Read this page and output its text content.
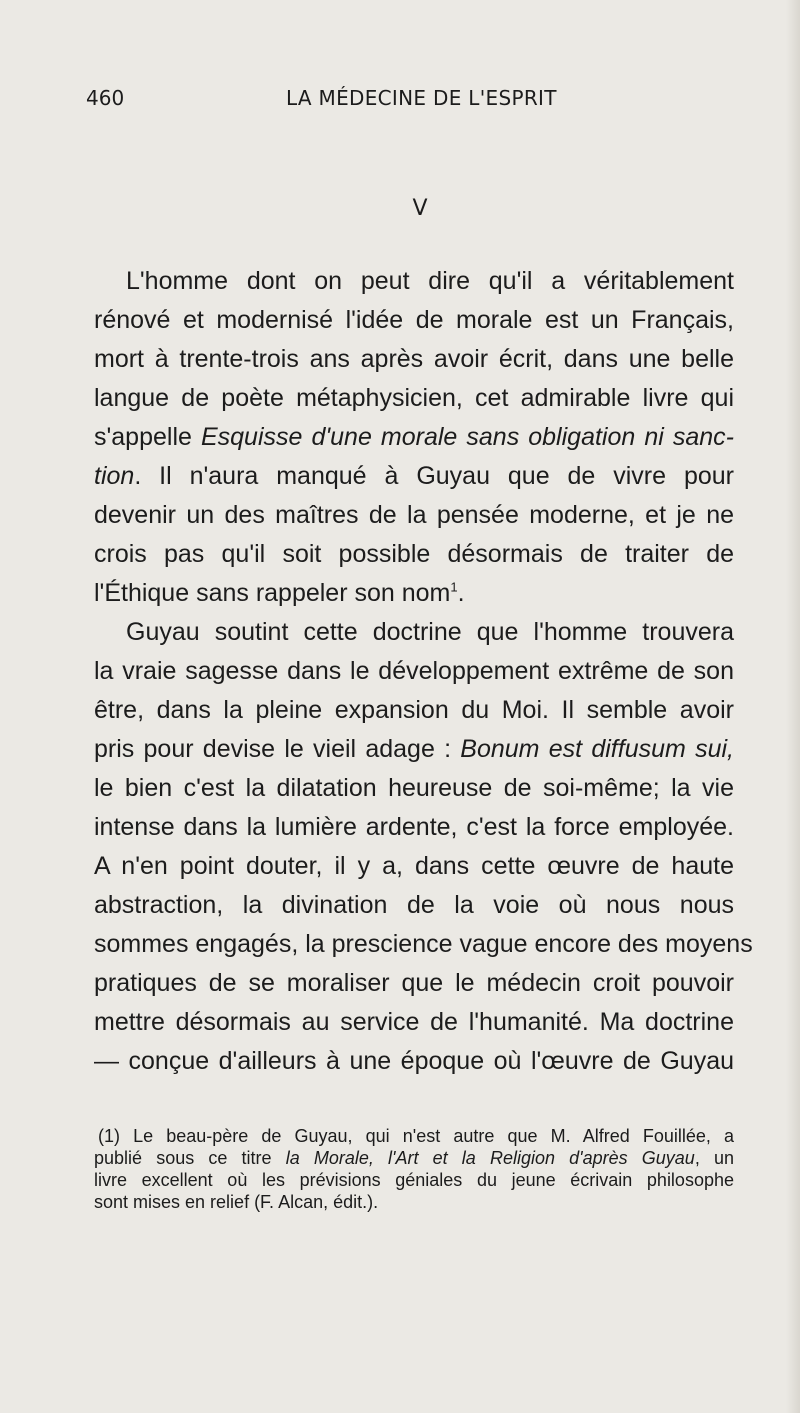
460	LA MÉDECINE DE L'ESPRIT
V
L'homme dont on peut dire qu'il a véritablement
rénové et modernisé l'idée de morale est un Français,
mort à trente-trois ans après avoir écrit, dans une belle
langue de poète métaphysicien, cet admirable livre qui
s'appelle Esquisse d'une morale sans obligation ni sanc-
tion. Il n'aura manqué à Guyau que de vivre pour
devenir un des maîtres de la pensée moderne, et je ne
crois pas qu'il soit possible désormais de traiter de
l'Éthique sans rappeler son nom$^1$.
Guyau soutint cette doctrine que l'homme trouvera
la vraie sagesse dans le développement extrême de son
être, dans la pleine expansion du Moi. Il semble avoir
pris pour devise le vieil adage : Bonum est diffusum sui,
le bien c'est la dilatation heureuse de soi-même; la vie
intense dans la lumière ardente, c'est la force employée.
A n'en point douter, il y a, dans cette œuvre de haute
abstraction, la divination de la voie où nous nous
sommes engagés, la prescience vague encore des moyens
pratiques de se moraliser que le médecin croit pouvoir
mettre désormais au service de l'humanité. Ma doctrine
— conçue d'ailleurs à une époque où l'œuvre de Guyau
(1) Le beau-père de Guyau, qui n'est autre que M. Alfred Fouillée, a
publié sous ce titre la Morale, l'Art et la Religion d'après Guyau, un
livre excellent où les prévisions géniales du jeune écrivain philosophe
sont mises en relief (F. Alcan, édit.).
